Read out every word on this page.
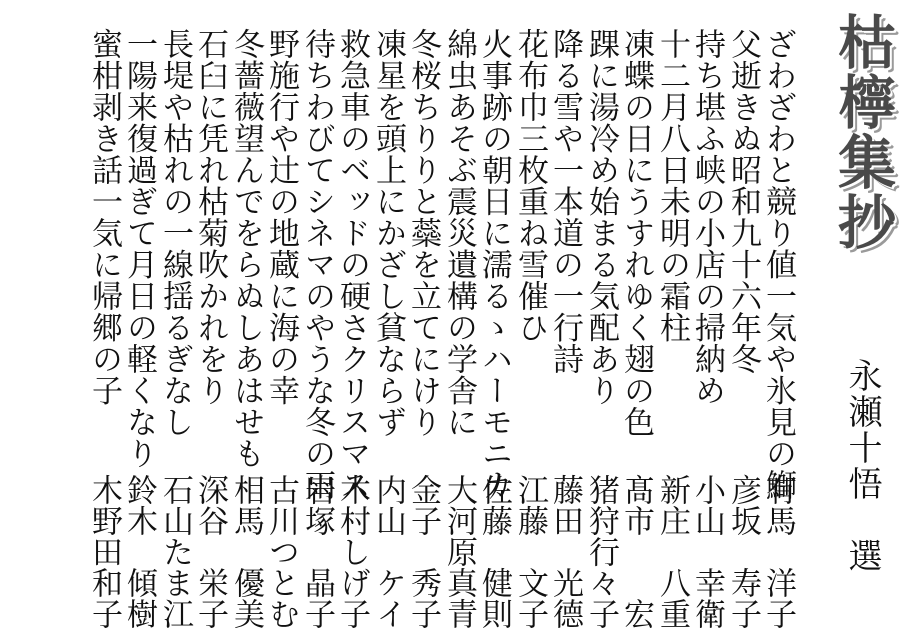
枯檸集抄
永瀬十悟　選
ざわざわと競り値一気や氷見の鰤
父逝きぬ昭和九十六年冬
持ち堪ふ峡の小店の掃納め
十二月八日未明の霜柱
凍蝶の日にうすれゆく翅の色
踝に湯冷め始まる気配あり
降る雪や一本道の一行詩
花布巾三枚重ね雪催ひ
火事跡の朝日に濡るゝハーモニカ
綿虫あそぶ震災遺構の学舎に
冬桜ちりりと蘂を立てにけり
凍星を頭上にかざし貧ならず
救急車のベッドの硬さクリスマス
待ちわびてシネマのやうな冬の雨
野施行や辻の地蔵に海の幸
冬薔薇望んでをらぬしあはせも
石臼に凭れ枯菊吹かれをり
長堤や枯れの一線揺るぎなし
一陽来復過ぎて月日の軽くなり
蜜柑剥き話一気に帰郷の子
有馬　洋子
彦坂　寿子
小山　幸衛
新庄　八重
髙市　　宏
猪狩行々子
藤田　光德
江藤　文子
佐藤　健則
大河原真青
金子　秀子
内山　ケイ
木村しげ子
岩塚　晶子
古川つとむ
相馬　優美
深谷　栄子
石山たま江
鈴木　傾樹
木野田和子
